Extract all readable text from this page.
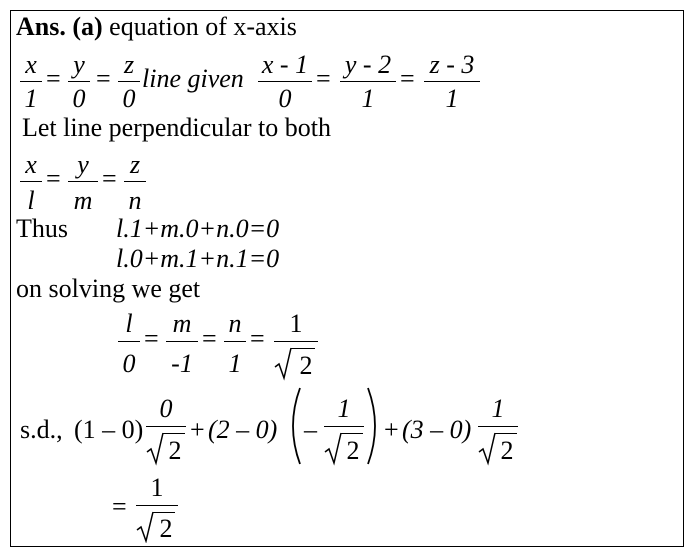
Ans. (a) equation of x-axis
x
1
= y
0
= z
0
line given x - 1
0
= y - 2
1
= z - 3
1
Let line perpendicular to both
x
l
= y
m
= z
n
Thus l.1+m.0+n.0=0
l.0+m.1+n.1=0
on solving we get
l
0
=
m
-1
=
n
1
=
1
2
s.d., (1 – 0)
0
2
+ (2 – 0) –
1
2
+ (3 – 0)
1
2
=
1
2
